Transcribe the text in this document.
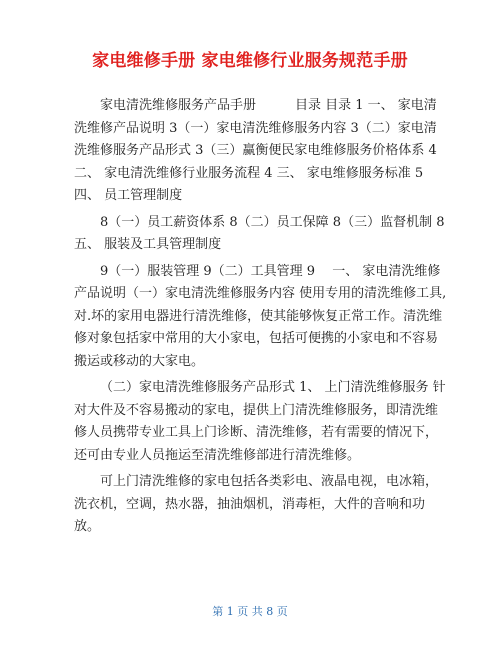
家电维修手册 家电维修行业服务规范手册
家电清洗维修服务产品手册　　　目录 目录 1 一、 家电清
洗维修产品说明 3（一）家电清洗维修服务内容 3（二）家电清
洗维修服务产品形式 3（三）赢衡便民家电维修服务价格体系 4
二、 家电清洗维修行业服务流程 4 三、 家电维修服务标准 5
四、 员工管理制度
8（一）员工薪资体系 8（二）员工保障 8（三）监督机制 8
五、 服装及工具管理制度
9（一）服装管理 9（二）工具管理 9　 一、 家电清洗维修
产品说明（一）家电清洗维修服务内容 使用专用的清洗维修工具,
对.坏的家用电器进行清洗维修，使其能够恢复正常工作。清洗维
修对象包括家中常用的大小家电，包括可便携的小家电和不容易
搬运或移动的大家电。
（二）家电清洗维修服务产品形式 1、 上门清洗维修服务 针
对大件及不容易搬动的家电，提供上门清洗维修服务，即清洗维
修人员携带专业工具上门诊断、清洗维修，若有需要的情况下，
还可由专业人员拖运至清洗维修部进行清洗维修。
可上门清洗维修的家电包括各类彩电、液晶电视，电冰箱，
洗衣机，空调，热水器，抽油烟机，消毒柜，大件的音响和功
放。
第 1 页 共 8 页
